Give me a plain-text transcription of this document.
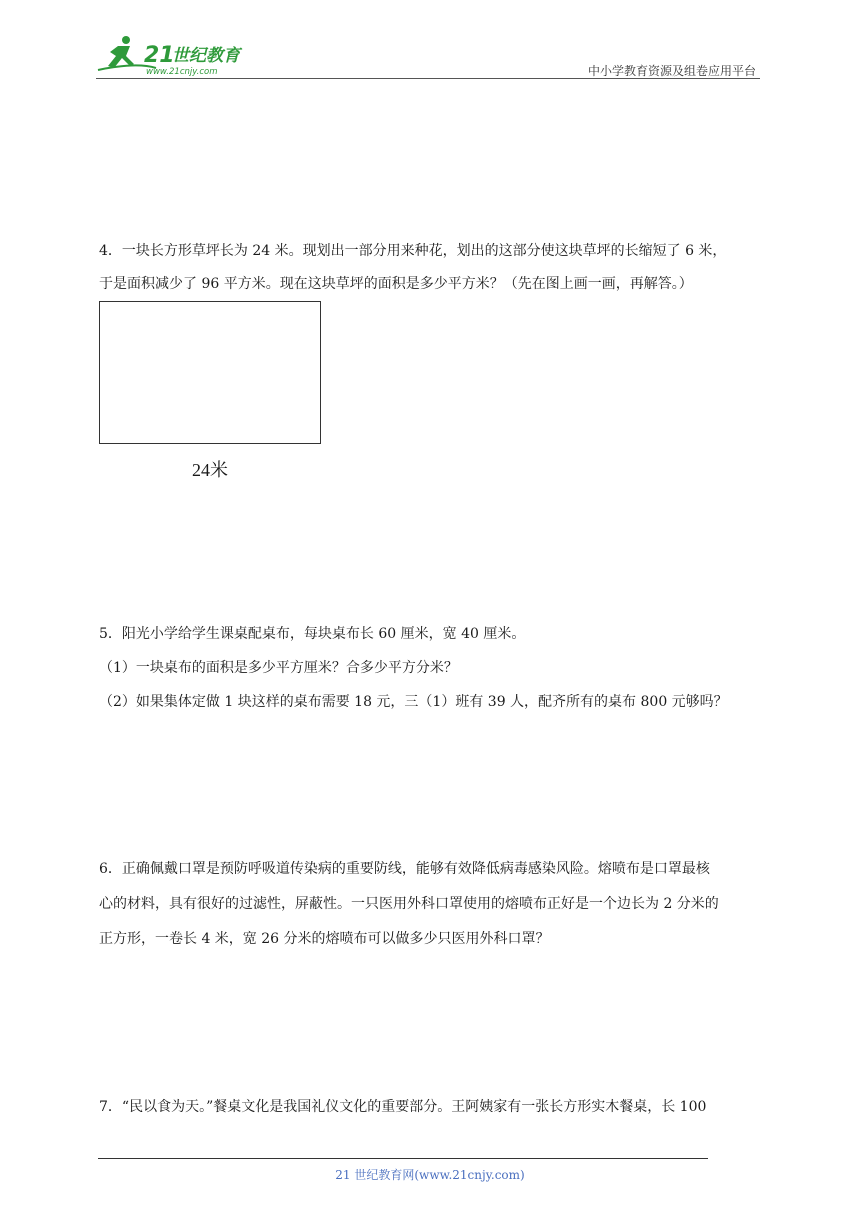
21
世纪教育
www.21cnjy.com	中小学教育资源及组卷应用平台
4．一块长方形草坪长为 24 米。现划出一部分用来种花，划出的这部分使这块草坪的长缩短了 6 米，
于是面积减少了 96 平方米。现在这块草坪的面积是多少平方米？（先在图上画一画，再解答。）
24米
5．阳光小学给学生课桌配桌布，每块桌布长 60 厘米，宽 40 厘米。
（1）一块桌布的面积是多少平方厘米？合多少平方分米？
（2）如果集体定做 1 块这样的桌布需要 18 元，三（1）班有 39 人，配齐所有的桌布 800 元够吗？
6．正确佩戴口罩是预防呼吸道传染病的重要防线，能够有效降低病毒感染风险。熔喷布是口罩最核
心的材料，具有很好的过滤性，屏蔽性。一只医用外科口罩使用的熔喷布正好是一个边长为 2 分米的
正方形，一卷长 4 米，宽 26 分米的熔喷布可以做多少只医用外科口罩？
7．“民以食为天。”餐桌文化是我国礼仪文化的重要部分。王阿姨家有一张长方形实木餐桌，长 100
21 世纪教育网(www.21cnjy.com)
